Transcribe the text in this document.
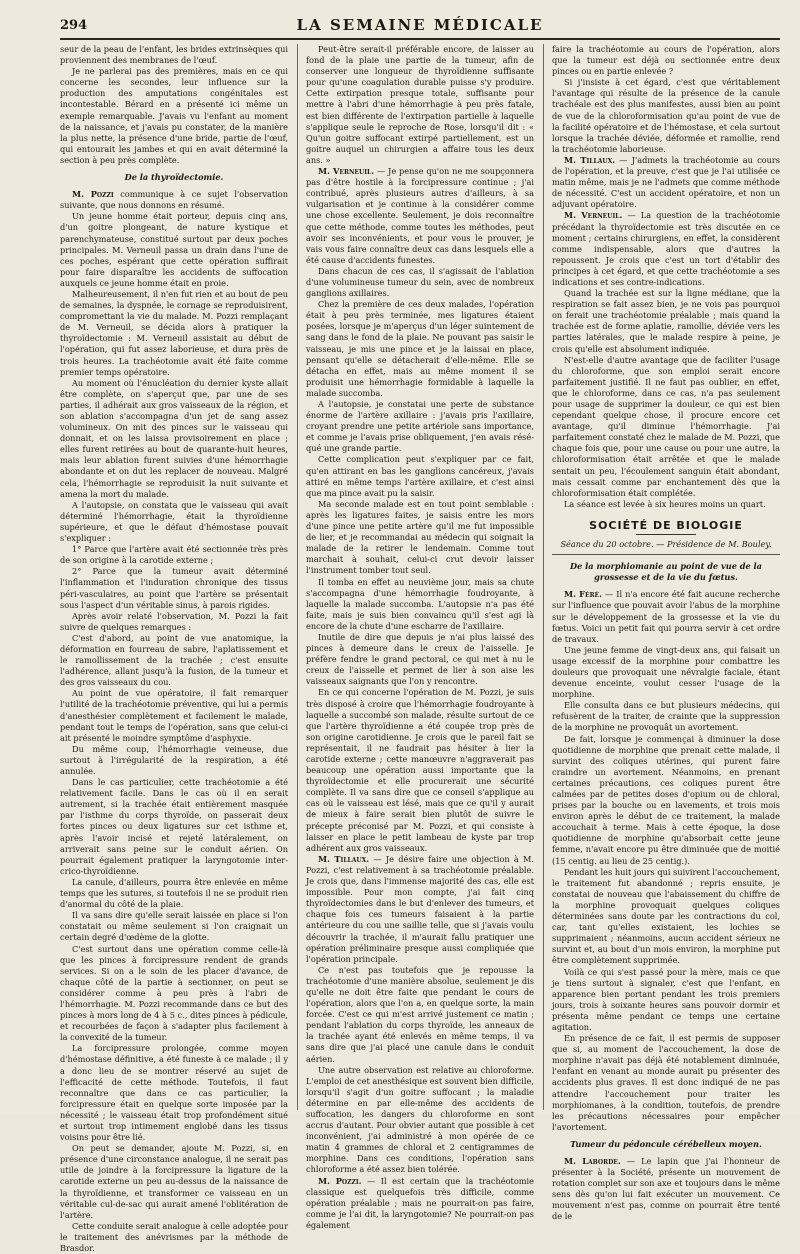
294	LA SEMAINE MÉDICALE

seur de la peau de l'enfant, les brides extrinsèques qui proviennent des membranes de l'œuf.

Je ne parlerai pas des premières, mais en ce qui concerne les secondes, leur influence sur la production des amputations congénitales est incontestable. Bérard en a présenté ici même un exemple remarquable. J'avais vu l'enfant au moment de la naissance, et j'avais pu constater, de la manière la plus nette, la présence d'une bride, partie de l'œuf, qui entourait les jambes et qui en avait déterminé la section à peu près complète.

De la thyroïdectomie.

M. Pozzi communique à ce sujet l'observation suivante, que nous donnons en résumé.

Un jeune homme était porteur, depuis cinq ans, d'un goitre plongeant, de nature kystique et parenchymateuse, constitué surtout par deux poches principales. M. Verneuil passa un drain dans l'une de ces poches, espérant que cette opération suffirait pour faire disparaître les accidents de suffocation auxquels ce jeune homme était en proie.

Malheureusement, il n'en fut rien et au bout de peu de semaines, la dyspnée, le cornage se reproduisirent, compromettant la vie du malade. M. Pozzi remplaçant de M. Verneuil, se décida alors à pratiquer la thyroïdectomie : M. Verneuil assistait au début de l'opération, qui fut assez laborieuse, et dura près de trois heures. La trachéotomie avait été faite comme premier temps opératoire.

Au moment où l'énucléation du dernier kyste allait être complète, on s'aperçut que, par une de ses parties, il adhérait aux gros vaisseaux de la région, et son ablation s'accompagna d'un jet de sang assez volumineux. On mit des pinces sur le vaisseau qui donnait, et on les laissa provisoirement en place ; elles furent retirées au bout de quarante-huit heures, mais leur ablation furent suivies d'une hémorrhagie abondante et on dut les replacer de nouveau. Malgré cela, l'hémorrhagie se reproduisit la nuit suivante et amena la mort du malade.

A l'autopsie, on constata que le vaisseau qui avait déterminé l'hémorrhagie, était la thyroïdienne supérieure, et que le défaut d'hémostase pouvait s'expliquer :

1° Parce que l'artère avait été sectionnée très près de son origine à la carotide externe ;

2° Parce que la tumeur avait déterminé l'inflammation et l'induration chronique des tissus péri-vasculaires, au point que l'artère se présentait sous l'aspect d'un véritable sinus, à parois rigides.

Après avoir relaté l'observation, M. Pozzi la fait suivre de quelques remarques :

C'est d'abord, au point de vue anatomique, la déformation en fourreau de sabre, l'aplatissement et le ramollissement de la trachée ; c'est ensuite l'adhérence, allant jusqu'à la fusion, de la tumeur et des gros vaisseaux du cou.

Au point de vue opératoire, il fait remarquer l'utilité de la trachéotomie préventive, qui lui a permis d'anesthésier complètement et facilement le malade, pendant tout le temps de l'opération, sans que celui-ci ait présenté le moindre symptôme d'asphyxie.

Du même coup, l'hémorrhagie veineuse, due surtout à l'irrégularité de la respiration, a été annulée.

Dans le cas particulier, cette trachéotomie a été relativement facile. Dans le cas où il en serait autrement, si la trachée était entièrement masquée par l'isthme du corps thyroïde, on passerait deux fortes pinces ou deux ligatures sur cet isthme et, après l'avoir incisé et rejeté latéralement, on arriverait sans peine sur le conduit aérien. On pourrait également pratiquer la laryngotomie inter-crico-thyroïdienne.

La canule, d'ailleurs, pourra être enlevée en même temps que les sutures, si toutefois il ne se produit rien d'anormal du côté de la plaie.

Il va sans dire qu'elle serait laissée en place si l'on constatait ou même seulement si l'on craignait un certain degré d'œdème de la glotte.

C'est surtout dans une opération comme celle-là que les pinces à forcipressure rendent de grands services. Si on a le soin de les placer d'avance, de chaque côté de la partie à sectionner, on peut se considérer comme à peu près à l'abri de l'hémorrhagie. M. Pozzi recommande dans ce but des pinces à mors long de 4 à 5 c., dites pinces à pédicule, et recourbées de façon à s'adapter plus facilement à la convexité de la tumeur.

La forcipressure prolongée, comme moyen d'hémostase définitive, a été funeste à ce malade ; il y a donc lieu de se montrer réservé au sujet de l'efficacité de cette méthode. Toutefois, il faut reconnaître que dans ce cas particulier, la forcipressure était en quelque sorte imposée par la nécessité ; le vaisseau était trop profondément situé et surtout trop intimement englobé dans les tissus voisins pour être lié.

On peut se demander, ajoute M. Pozzi, si, en présence d'une circonstance analogue, il ne serait pas utile de joindre à la forcipressure la ligature de la carotide externe un peu au-dessus de la naissance de la thyroïdienne, et transformer ce vaisseau en un véritable cul-de-sac qui aurait amené l'oblitération de l'artère.

Cette conduite serait analogue à celle adoptée pour le traitement des anévrismes par la méthode de Brasdor.

Peut-être serait-il préférable encore, de laisser au fond de la plaie une partie de la tumeur, afin de conserver une longueur de thyroïdienne suffisante pour qu'une coagulation durable puisse s'y produire. Cette extirpation presque totale, suffisante pour mettre à l'abri d'une hémorrhagie à peu près fatale, est bien différente de l'extirpation partielle à laquelle s'applique seule le reproche de Rose, lorsqu'il dit : « Qu'un goitre suffocant extirpé partiellement, est un goitre auquel un chirurgien a affaire tous les deux ans. »

M. Verneuil. — Je pense qu'on ne me soupçonnera pas d'être hostile à la forcipressure continue ; j'ai contribué, après plusieurs autres d'ailleurs, à sa vulgarisation et je continue à la considérer comme une chose excellente. Seulement, je dois reconnaître que cette méthode, comme toutes les méthodes, peut avoir ses inconvénients, et pour vous le prouver, je vais vous faire connaître deux cas dans lesquels elle a été cause d'accidents funestes.

Dans chacun de ces cas, il s'agissait de l'ablation d'une volumineuse tumeur du sein, avec de nombreux ganglions axillaires.

Chez la première de ces deux malades, l'opération était à peu près terminée, mes ligatures étaient posées, lorsque je m'aperçus d'un léger suintement de sang dans le fond de la plaie. Ne pouvant pas saisir le vaisseau, je mis une pince et je la laissai en place, pensant qu'elle se détacherait d'elle-même. Elle se détacha en effet, mais au même moment il se produisit une hémorrhagie formidable à laquelle la malade succomba.

A l'autopsie, je constatai une perte de substance énorme de l'artère axillaire : j'avais pris l'axillaire, croyant prendre une petite artériole sans importance, et comme je l'avais prise obliquement, j'en avais réséqué une grande partie.

Cette complication peut s'expliquer par ce fait, qu'en attirant en bas les ganglions cancéreux, j'avais attiré en même temps l'artère axillaire, et c'est ainsi que ma pince avait pu la saisir.

Ma seconde malade est en tout point semblable : après les ligatures faites, je saisis entre les mors d'une pince une petite artère qu'il me fut impossible de lier, et je recommandai au médecin qui soignait la malade de la retirer le lendemain. Comme tout marchait à souhait, celui-ci crut devoir laisser l'instrument tomber tout seul.

Il tomba en effet au neuvième jour, mais sa chute s'accompagna d'une hémorrhagie foudroyante, à laquelle la malade succomba. L'autopsie n'a pas été faite, mais je suis bien convaincu qu'il s'est agi là encore de la chute d'une escharre de l'axillaire.

Inutile de dire que depuis je n'ai plus laissé des pinces à demeure dans le creux de l'aisselle. Je préfère fendre le grand pectoral, ce qui met à nu le creux de l'aisselle et permet de lier à son aise les vaisseaux saignants que l'on y rencontre.

En ce qui concerne l'opération de M. Pozzi, je suis très disposé à croire que l'hémorrhagie foudroyante à laquelle a succombé son malade, résulte surtout de ce que l'artère thyroïdienne a été coupée trop près de son origine carotidienne. Je crois que le pareil fait se représentait, il ne faudrait pas hésiter à lier la carotide externe ; cette manœuvre n'aggraverait pas beaucoup une opération aussi importante que la thyroïdectomie et elle procurerait une sécurité complète. Il va sans dire que ce conseil s'applique au cas où le vaisseau est lésé, mais que ce qu'il y aurait de mieux à faire serait bien plutôt de suivre le précepte préconisé par M. Pozzi, et qui consiste à laisser en place le petit lambeau de kyste par trop adhérent aux gros vaisseaux.

M. Tillaux. — Je désire faire une objection à M. Pozzi, c'est relativement à sa trachéotomie préalable. Je crois que, dans l'immense majorité des cas, elle est impossible. Pour mon compte, j'ai fait cinq thyroïdectomies dans le but d'enlever des tumeurs, et chaque fois ces tumeurs faisaient à la partie antérieure du cou une saillie telle, que si j'avais voulu découvrir la trachée, il m'aurait fallu pratiquer une opération préliminaire presque aussi compliquée que l'opération principale.

Ce n'est pas toutefois que je repousse la trachéotomie d'une manière absolue, seulement je dis qu'elle ne doit être faite que pendant le cours de l'opération, alors que l'on a, en quelque sorte, la main forcée. C'est ce qui m'est arrivé justement ce matin ; pendant l'ablation du corps thyroïde, les anneaux de la trachée ayant été enlevés en même temps, il va sans dire que j'ai placé une canule dans le conduit aérien.

Une autre observation est relative au chloroforme. L'emploi de cet anesthésique est souvent bien difficile, lorsqu'il s'agit d'un goitre suffocant ; la maladie détermine en par elle-même des accidents de suffocation, les dangers du chloroforme en sont accrus d'autant. Pour obvier autant que possible à cet inconvénient, j'ai administré à mon opérée de ce matin 4 grammes de chloral et 2 centigrammes de morphine. Dans ces conditions, l'opération sans chloroforme a été assez bien tolérée.

M. Pozzi. — Il est certain que la trachéotomie classique est quelquefois très difficile, comme opération préalable ; mais ne pourrait-on pas faire, comme je l'ai dit, la laryngotomie? Ne pourrait-on pas également

faire la trachéotomie au cours de l'opération, alors que la tumeur est déjà ou sectionnée entre deux pinces ou en partie enlevée ?

Si j'insiste à cet égard, c'est que véritablement l'avantage qui résulte de la présence de la canule trachéale est des plus manifestes, aussi bien au point de vue de la chloroformisation qu'au point de vue de la facilité opératoire et de l'hémostase, et cela surtout lorsque la trachée déviée, déformée et ramollie, rend la trachéotomie laborieuse.

M. Tillaux. — J'admets la trachéotomie au cours de l'opération, et la preuve, c'est que je l'ai utilisée ce matin même, mais je ne l'admets que comme méthode de nécessité. C'est un accident opératoire, et non un adjuvant opératoire.

M. Verneuil. — La question de la trachéotomie précédant la thyroïdectomie est très discutée en ce moment ; certains chirurgiens, en effet, la considèrent comme indispensable, alors que d'autres la repoussent. Je crois que c'est un tort d'établir des principes à cet égard, et que cette trachéotomie a ses indications et ses contre-indications.

Quand la trachée est sur la ligne médiane, que la respiration se fait assez bien, je ne vois pas pourquoi on ferait une trachéotomie préalable ; mais quand la trachée est de forme aplatie, ramollie, déviée vers les parties latérales, que le malade respire à peine, je crois qu'elle est absolument indiquée.

N'est-elle d'autre avantage que de faciliter l'usage du chloroforme, que son emploi serait encore parfaitement justifié. Il ne faut pas oublier, en effet, que le chloroforme, dans ce cas, n'a pas seulement pour usage de supprimer la douleur, ce qui est bien cependant quelque chose, il procure encore cet avantage, qu'il diminue l'hémorrhagie. J'ai parfaitement constaté chez le malade de M. Pozzi, que chaque fois que, pour une cause ou pour une autre, la chloroformisation était arrêtée et que le malade sentait un peu, l'écoulement sanguin était abondant, mais cessait comme par enchantement dès que la chloroformisation était complétée.

La séance est levée à six heures moins un quart.

SOCIÉTÉ DE BIOLOGIE
Séance du 20 octobre. — Présidence de M. Bouley.
De la morphiomanie au point de vue de la grossesse et de la vie du fœtus.

M. Féré. — Il n'a encore été fait aucune recherche sur l'influence que pouvait avoir l'abus de la morphine sur le développement de la grossesse et la vie du fœtus. Voici un petit fait qui pourra servir à cet ordre de travaux.

Une jeune femme de vingt-deux ans, qui faisait un usage excessif de la morphine pour combattre les douleurs que provoquait une névralgie faciale, étant devenue enceinte, voulut cesser l'usage de la morphine.

Elle consulta dans ce but plusieurs médecins, qui refusèrent de la traiter, de crainte que la suppression de la morphine ne provoquât un avortement.

De fait, lorsque je commençai à diminuer la dose quotidienne de morphine que prenait cette malade, il survint des coliques utérines, qui purent faire craindre un avortement. Néanmoins, en prenant certaines précautions, ces coliques purent être calmées par de petites doses d'opium ou de chloral, prises par la bouche ou en lavements, et trois mois environ après le début de ce traitement, la malade accouchait à terme. Mais à cette époque, la dose quotidienne de morphine qu'absorbait cette jeune femme, n'avait encore pu être diminuée que de moitié (15 centig. au lieu de 25 centig.).

Pendant les huit jours qui suivirent l'accouchement, le traitement fut abandonné ; repris ensuite, je constatai de nouveau que l'abaissement du chiffre de la morphine provoquait quelques coliques déterminées sans doute par les contractions du col, car, tant qu'elles existaient, les lochies se supprimaient ; néanmoins, aucun accident sérieux ne survint et, au bout d'un mois environ, la morphine put être complètement supprimée.

Voilà ce qui s'est passé pour la mère, mais ce que je tiens surtout à signaler, c'est que l'enfant, en apparence bien portant pendant les trois premiers jours, trois à soixante heures sans pouvoir dormir et présenta même pendant ce temps une certaine agitation.

En présence de ce fait, il est permis de supposer que si, au moment de l'accouchement, la dose de morphine n'avait pas déjà été notablement diminuée, l'enfant en venant au monde aurait pu présenter des accidents plus graves. Il est donc indiqué de ne pas attendre l'accouchement pour traiter les morphiomanes, à la condition, toutefois, de prendre les précautions nécessaires pour empêcher l'avortement.

Tumeur du pédoncule cérébelleux moyen.

M. Laborde. — Le lapin que j'ai l'honneur de présenter à la Société, présente un mouvement de rotation complet sur son axe et toujours dans le même sens dès qu'on lui fait exécuter un mouvement. Ce mouvement n'est pas, comme on pourrait être tenté de le
